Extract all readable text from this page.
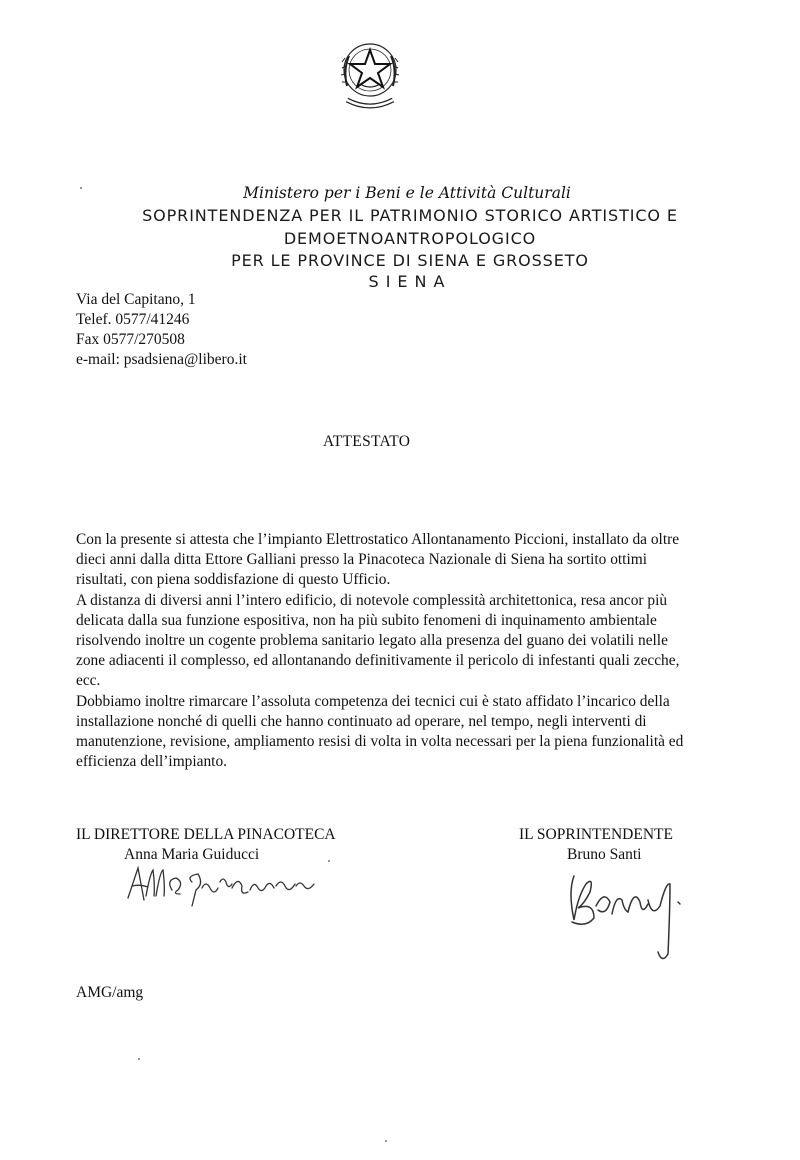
Ministero per i Beni e le Attività Culturali
SOPRINTENDENZA PER IL PATRIMONIO STORICO ARTISTICO E
DEMOETNOANTROPOLOGICO
PER LE PROVINCE DI SIENA E GROSSETO
SIENA
Via del Capitano, 1
Telef. 0577/41246
Fax 0577/270508
e-mail: psadsiena@libero.it
ATTESTATO
Con la presente si attesta che l’impianto Elettrostatico Allontanamento Piccioni, installato da oltre
dieci anni dalla ditta Ettore Galliani presso la Pinacoteca Nazionale di Siena ha sortito ottimi
risultati, con piena soddisfazione di questo Ufficio.
A distanza di diversi anni l’intero edificio, di notevole complessità architettonica, resa ancor più
delicata dalla sua funzione espositiva, non ha più subito fenomeni di inquinamento ambientale
risolvendo inoltre un cogente problema sanitario legato alla presenza del guano dei volatili nelle
zone adiacenti il complesso, ed allontanando definitivamente il pericolo di infestanti quali zecche,
ecc.
Dobbiamo inoltre rimarcare l’assoluta competenza dei tecnici cui è stato affidato l’incarico della
installazione nonché di quelli che hanno continuato ad operare, nel tempo, negli interventi di
manutenzione, revisione, ampliamento resisi di volta in volta necessari per la piena funzionalità ed
efficienza dell’impianto.
IL DIRETTORE DELLA PINACOTECA
Anna Maria Guiducci
IL SOPRINTENDENTE
Bruno Santi
AMG/amg
